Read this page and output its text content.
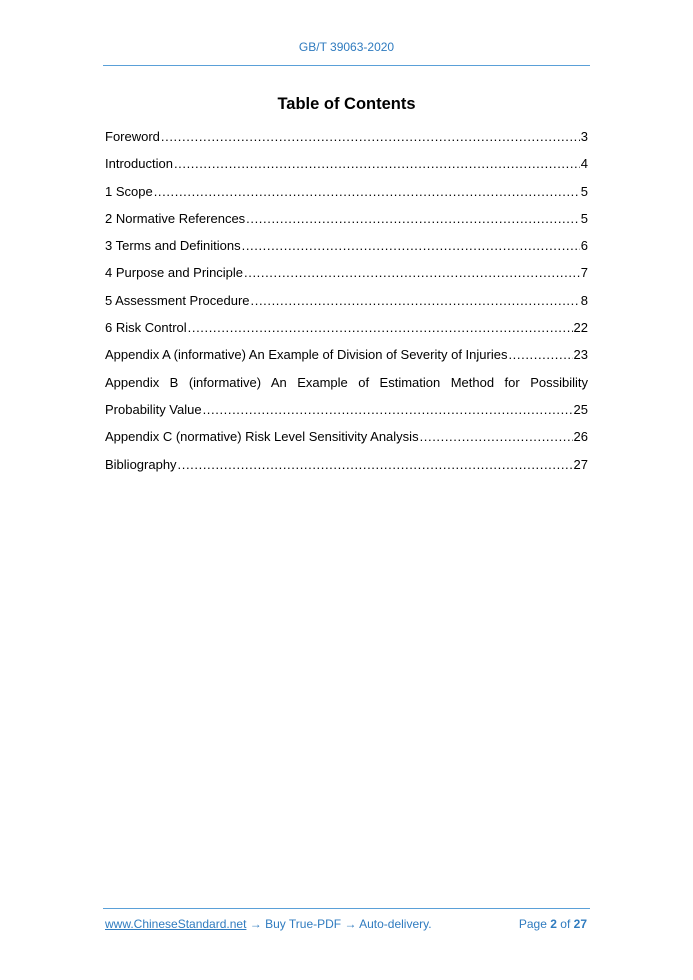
GB/T 39063-2020
Table of Contents
Foreword .....	3
Introduction .....	4
1 Scope .....	5
2 Normative References .....	5
3 Terms and Definitions .....	6
4 Purpose and Principle .....	7
5 Assessment Procedure .....	8
6 Risk Control .....	22
Appendix A (informative) An Example of Division of Severity of Injuries .....	23
Appendix B (informative) An Example of Estimation Method for Possibility
Probability Value .....	25
Appendix C (normative) Risk Level Sensitivity Analysis .....	26
Bibliography .....	27
www.ChineseStandard.net → Buy True-PDF → Auto-delivery.	Page 2 of 27
